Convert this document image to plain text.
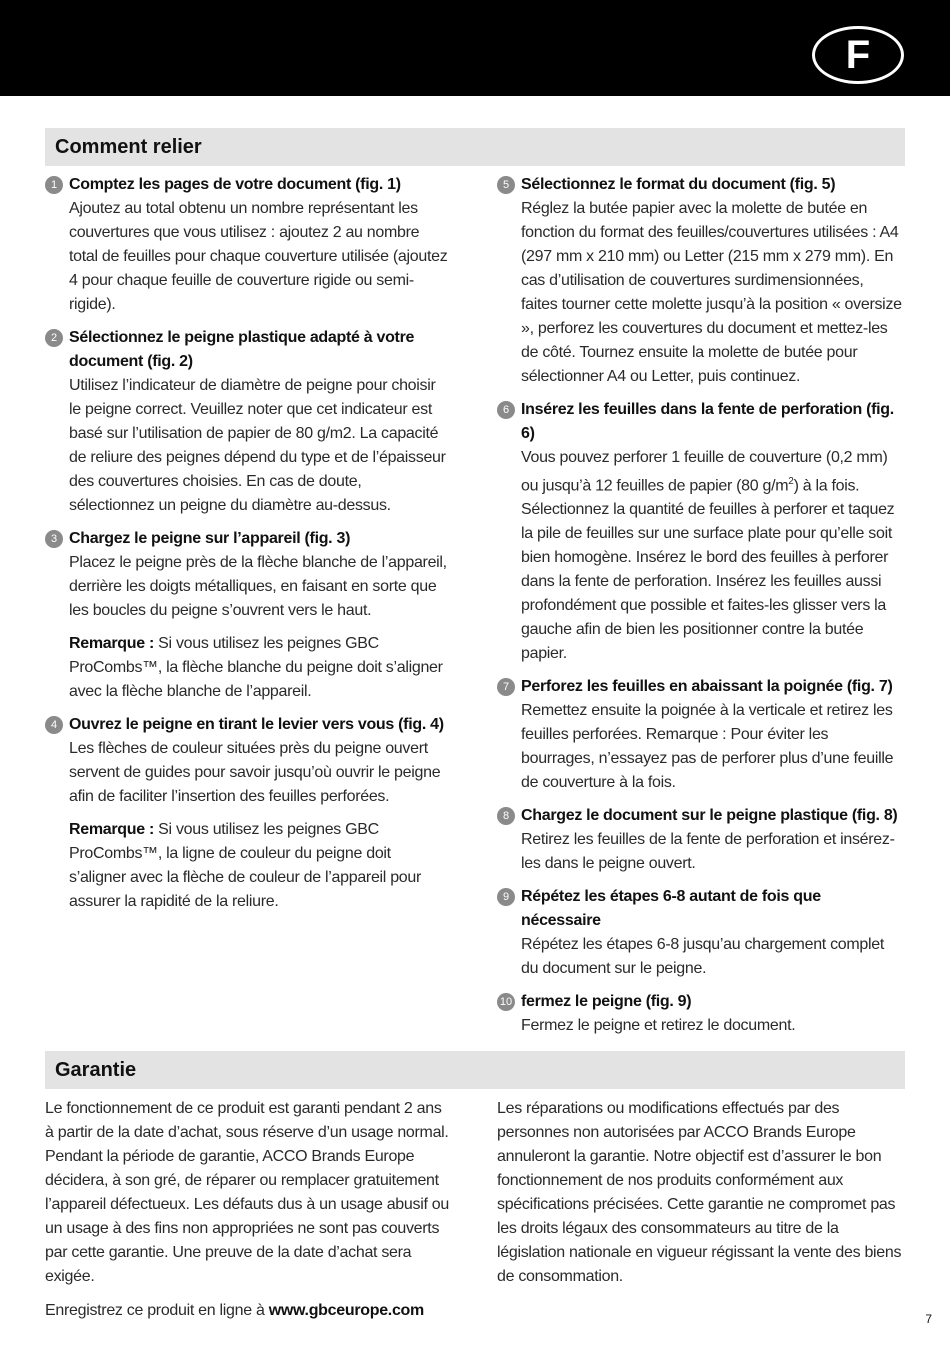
F
Comment relier
1 Comptez les pages de votre document (fig. 1)
Ajoutez au total obtenu un nombre représentant les couvertures que vous utilisez : ajoutez 2 au nombre total de feuilles pour chaque couverture utilisée (ajoutez 4 pour chaque feuille de couverture rigide ou semi-rigide).
2 Sélectionnez le peigne plastique adapté à votre document (fig. 2)
Utilisez l’indicateur de diamètre de peigne pour choisir le peigne correct. Veuillez noter que cet indicateur est basé sur l’utilisation de papier de 80 g/m2. La capacité de reliure des peignes dépend du type et de l’épaisseur des couvertures choisies. En cas de doute, sélectionnez un peigne du diamètre au-dessus.
3 Chargez le peigne sur l’appareil (fig. 3)
Placez le peigne près de la flèche blanche de l’appareil, derrière les doigts métalliques, en faisant en sorte que les boucles du peigne s’ouvrent vers le haut.
Remarque : Si vous utilisez les peignes GBC ProCombs™, la flèche blanche du peigne doit s’aligner avec la flèche blanche de l’appareil.
4 Ouvrez le peigne en tirant le levier vers vous (fig. 4)
Les flèches de couleur situées près du peigne ouvert servent de guides pour savoir jusqu’où ouvrir le peigne afin de faciliter l’insertion des feuilles perforées.
Remarque : Si vous utilisez les peignes GBC ProCombs™, la ligne de couleur du peigne doit s’aligner avec la flèche de couleur de l’appareil pour assurer la rapidité de la reliure.
5 Sélectionnez le format du document (fig. 5)
Réglez la butée papier avec la molette de butée en fonction du format des feuilles/couvertures utilisées : A4 (297 mm x 210 mm) ou Letter (215 mm x 279 mm). En cas d’utilisation de couvertures surdimensionnées, faites tourner cette molette jusqu’à la position « oversize », perforez les couvertures du document et mettez-les de côté. Tournez ensuite la molette de butée pour sélectionner A4 ou Letter, puis continuez.
6 Insérez les feuilles dans la fente de perforation (fig. 6)
Vous pouvez perforer 1 feuille de couverture (0,2 mm) ou jusqu’à 12 feuilles de papier (80 $g/m^2$) à la fois. Sélectionnez la quantité de feuilles à perforer et taquez la pile de feuilles sur une surface plate pour qu’elle soit bien homogène. Insérez le bord des feuilles à perforer dans la fente de perforation. Insérez les feuilles aussi profondément que possible et faites-les glisser vers la gauche afin de bien les positionner contre la butée papier.
7 Perforez les feuilles en abaissant la poignée (fig. 7)
Remettez ensuite la poignée à la verticale et retirez les feuilles perforées. Remarque : Pour éviter les bourrages, n’essayez pas de perforer plus d’une feuille de couverture à la fois.
8 Chargez le document sur le peigne plastique (fig. 8)
Retirez les feuilles de la fente de perforation et insérez-les dans le peigne ouvert.
9 Répétez les étapes 6-8 autant de fois que nécessaire
Répétez les étapes 6-8 jusqu’au chargement complet du document sur le peigne.
10 fermez le peigne (fig. 9)
Fermez le peigne et retirez le document.
Garantie
Le fonctionnement de ce produit est garanti pendant 2 ans à partir de la date d’achat, sous réserve d’un usage normal. Pendant la période de garantie, ACCO Brands Europe décidera, à son gré, de réparer ou remplacer gratuitement l’appareil défectueux. Les défauts dus à un usage abusif ou un usage à des fins non appropriées ne sont pas couverts par cette garantie. Une preuve de la date d’achat sera exigée.
Enregistrez ce produit en ligne à www.gbceurope.com
Les réparations ou modifications effectués par des personnes non autorisées par ACCO Brands Europe annuleront la garantie. Notre objectif est d’assurer le bon fonctionnement de nos produits conformément aux spécifications précisées. Cette garantie ne compromet pas les droits légaux des consommateurs au titre de la législation nationale en vigueur régissant la vente des biens de consommation.
7
